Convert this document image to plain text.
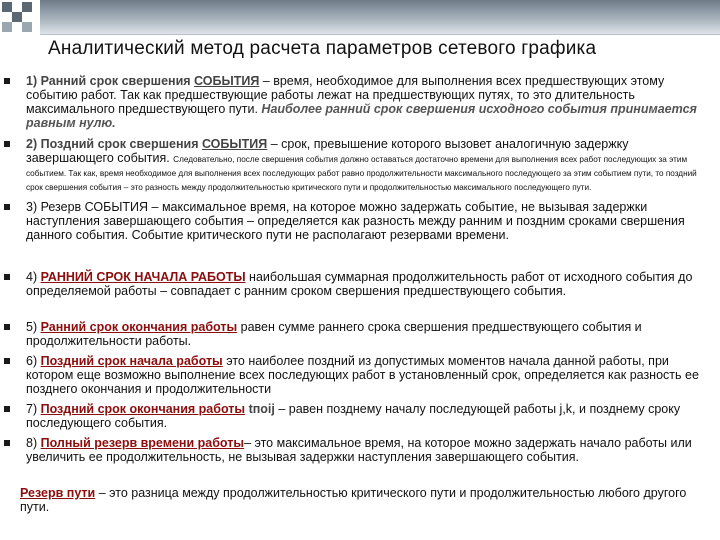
Аналитический метод расчета параметров сетевого графика
1) Ранний срок свершения СОБЫТИЯ – время, необходимое для выполнения всех предшествующих этому событию работ. Так как предшествующие работы лежат на предшествующих путях, то это длительность максимального предшествующего пути. Наиболее ранний срок свершения исходного события принимается равным нулю.
2) Поздний срок свершения СОБЫТИЯ – срок, превышение которого вызовет аналогичную задержку завершающего события. Следовательно, после свершения события должно оставаться достаточно времени для выполнения всех работ последующих за этим событием. Так как, время необходимое для выполнения всех последующих работ равно продолжительности максимального последующего за этим событием пути, то поздний срок свершения события – это разность между продолжительностью критического пути и продолжительностью максимального последующего пути.
3) Резерв СОБЫТИЯ – максимальное время, на которое можно задержать событие, не вызывая задержки наступления завершающего события – определяется как разность между ранним и поздним сроками свершения данного события. Событие критического пути не располагают резервами времени.
4) РАННИЙ СРОК НАЧАЛА РАБОТЫ наибольшая суммарная продолжительность работ от исходного события до определяемой работы – совпадает с ранним сроком свершения предшествующего события.
5) Ранний срок окончания работы равен сумме раннего срока свершения предшествующего события и продолжительности работы.
6) Поздний срок начала работы это наиболее поздний из допустимых моментов начала данной работы, при котором еще возможно выполнение всех последующих работ в установленный срок, определяется как разность ее позднего окончания и продолжительности
7) Поздний срок окончания работы tпоij – равен позднему началу последующей работы j,k, и позднему сроку последующего события.
8) Полный резерв времени работы– это максимальное время, на которое можно задержать начало работы или увеличить ее продолжительность, не вызывая задержки наступления завершающего события.
Резерв пути – это разница между продолжительностью критического пути и продолжительностью любого другого пути.
